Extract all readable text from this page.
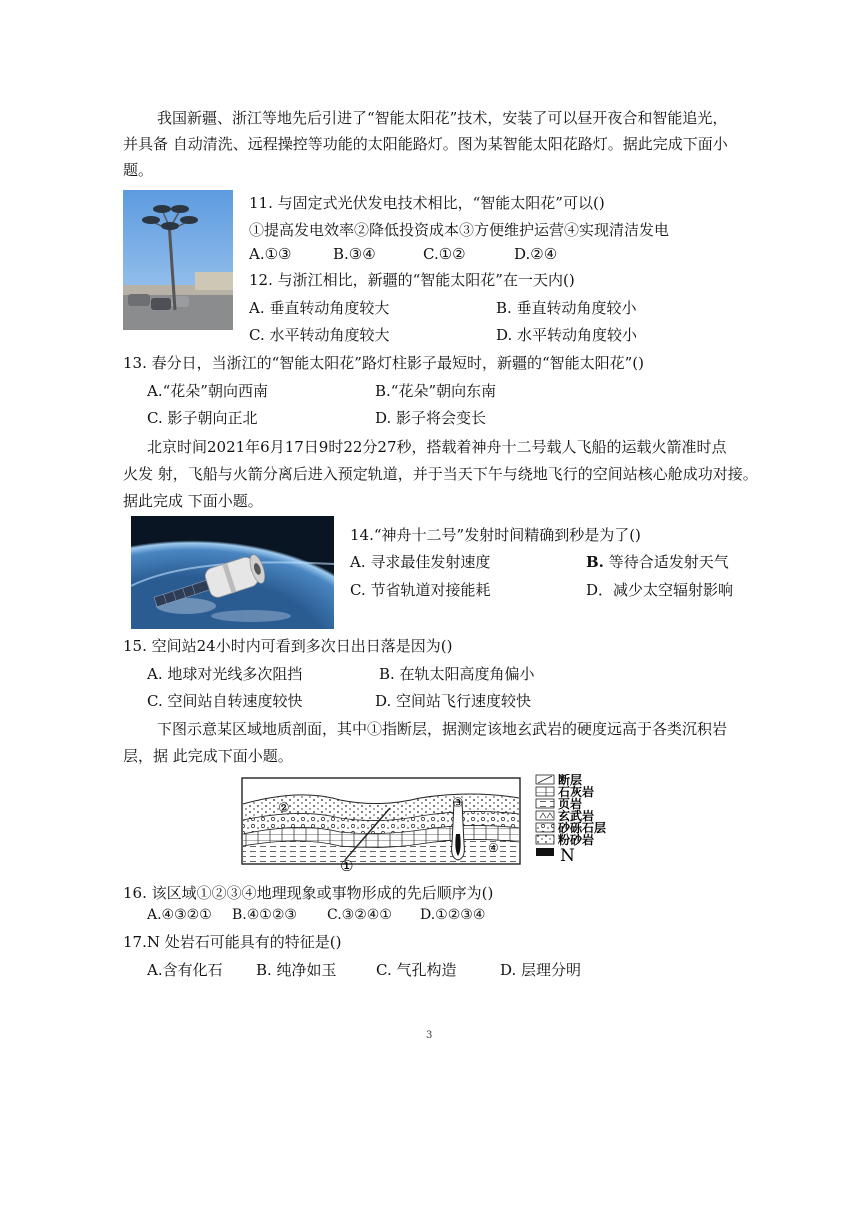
我国新疆、浙江等地先后引进了“智能太阳花”技术，安装了可以昼开夜合和智能追光，
并具备 自动清洗、远程操控等功能的太阳能路灯。图为某智能太阳花路灯。据此完成下面小
题。
11. 与固定式光伏发电技术相比，“智能太阳花”可以()
①提高发电效率②降低投资成本③方便维护运营④实现清洁发电
A.①③	B.③④	C.①②	D.②④
12. 与浙江相比，新疆的“智能太阳花”在一天内()
A. 垂直转动角度较大	B. 垂直转动角度较小
C. 水平转动角度较大	D. 水平转动角度较小
13. 春分日，当浙江的“智能太阳花”路灯柱影子最短时，新疆的“智能太阳花”()
A.“花朵”朝向西南	B.“花朵”朝向东南
C. 影子朝向正北	D. 影子将会变长
北京时间2021年6月17日9时22分27秒，搭载着神舟十二号载人飞船的运载火箭准时点
火发 射，飞船与火箭分离后进入预定轨道，并于当天下午与绕地飞行的空间站核心舱成功对接。
据此完成 下面小题。
14.“神舟十二号”发射时间精确到秒是为了()
A. 寻求最佳发射速度	B. 等待合适发射天气
C. 节省轨道对接能耗	D．减少太空辐射影响
15. 空间站24小时内可看到多次日出日落是因为()
A. 地球对光线多次阻挡	B. 在轨太阳高度角偏小
C. 空间站自转速度较快	D. 空间站飞行速度较快
下图示意某区域地质剖面，其中①指断层，据测定该地玄武岩的硬度远高于各类沉积岩
层，据 此完成下面小题。
①
②	③
④
断层
石灰岩
页岩
玄武岩
砂砾石层
粉砂岩
N
16. 该区域①②③④地理现象或事物形成的先后顺序为()
A.④③②① B.④①②③ C.③②④① D.①②③④
17.N 处岩石可能具有的特征是()
A.含有化石 B. 纯净如玉	C. 气孔构造	D. 层理分明
3
